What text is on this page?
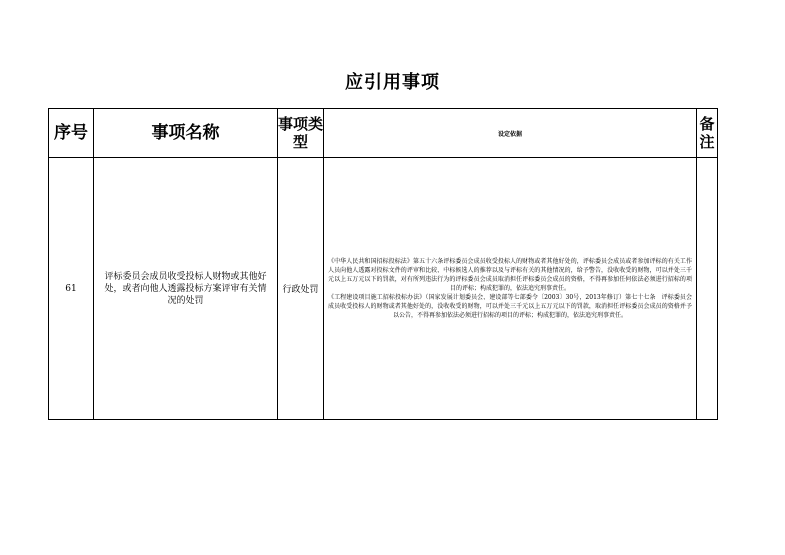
应引用事项
序号	事项名称	事项类型	设定依据	备注
61	评标委员会成员收受投标人财物或其他好处，或者向他人透露投标方案评审有关情况的处罚	行政处罚	《中华人民共和国招标投标法》第五十六条评标委员会成员收受投标人的财物或者其他好处的，评标委员会成员或者参加评标的有关工作人员向他人透露对投标文件的评审和比较、中标候选人的推荐以及与评标有关的其他情况的，给予警告，没收收受的财物，可以并处三千元以上五万元以下的罚款，对有所列违法行为的评标委员会成员取消担任评标委员会成员的资格，不得再参加任何依法必须进行招标的项目的评标；构成犯罪的，依法追究刑事责任。

《工程建设项目施工招标投标办法》（国家发展计划委员会、建设部等七部委令〔2003〕30号，2013年修订）第七十七条　评标委员会成员收受投标人的财物或者其他好处的，没收收受的财物，可以并处三千元以上五万元以下的罚款，取消担任评标委员会成员的资格并予以公告，不得再参加依法必须进行招标的项目的评标；构成犯罪的，依法追究刑事责任。	
